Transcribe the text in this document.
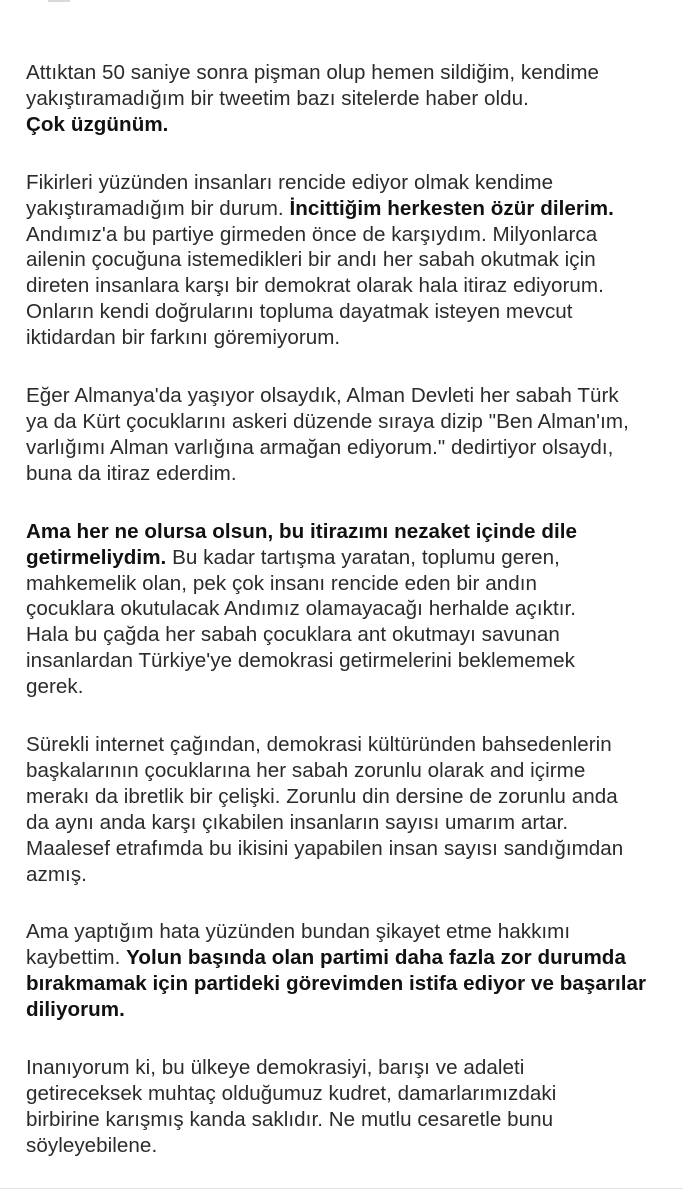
Attıktan 50 saniye sonra pişman olup hemen sildiğim, kendime
yakıştıramadığım bir tweetim bazı sitelerde haber oldu.
Çok üzgünüm.

Fikirleri yüzünden insanları rencide ediyor olmak kendime
yakıştıramadığım bir durum. İncittiğim herkesten özür dilerim.
Andımız'a bu partiye girmeden önce de karşıydım. Milyonlarca
ailenin çocuğuna istemedikleri bir andı her sabah okutmak için
direten insanlara karşı bir demokrat olarak hala itiraz ediyorum.
Onların kendi doğrularını topluma dayatmak isteyen mevcut
iktidardan bir farkını göremiyorum.

Eğer Almanya'da yaşıyor olsaydık, Alman Devleti her sabah Türk
ya da Kürt çocuklarını askeri düzende sıraya dizip "Ben Alman'ım,
varlığımı Alman varlığına armağan ediyorum." dedirtiyor olsaydı,
buna da itiraz ederdim.

Ama her ne olursa olsun, bu itirazımı nezaket içinde dile
getirmeliydim. Bu kadar tartışma yaratan, toplumu geren,
mahkemelik olan, pek çok insanı rencide eden bir andın
çocuklara okutulacak Andımız olamayacağı herhalde açıktır.
Hala bu çağda her sabah çocuklara ant okutmayı savunan
insanlardan Türkiye'ye demokrasi getirmelerini beklememek
gerek.

Sürekli internet çağından, demokrasi kültüründen bahsedenlerin
başkalarının çocuklarına her sabah zorunlu olarak and içirme
merakı da ibretlik bir çelişki. Zorunlu din dersine de zorunlu anda
da aynı anda karşı çıkabilen insanların sayısı umarım artar.
Maalesef etrafımda bu ikisini yapabilen insan sayısı sandığımdan
azmış.

Ama yaptığım hata yüzünden bundan şikayet etme hakkımı
kaybettim. Yolun başında olan partimi daha fazla zor durumda
bırakmamak için partideki görevimden istifa ediyor ve başarılar
diliyorum.

Inanıyorum ki, bu ülkeye demokrasiyi, barışı ve adaleti
getireceksek muhtaç olduğumuz kudret, damarlarımızdaki
birbirine karışmış kanda saklıdır. Ne mutlu cesaretle bunu
söyleyebilene.
